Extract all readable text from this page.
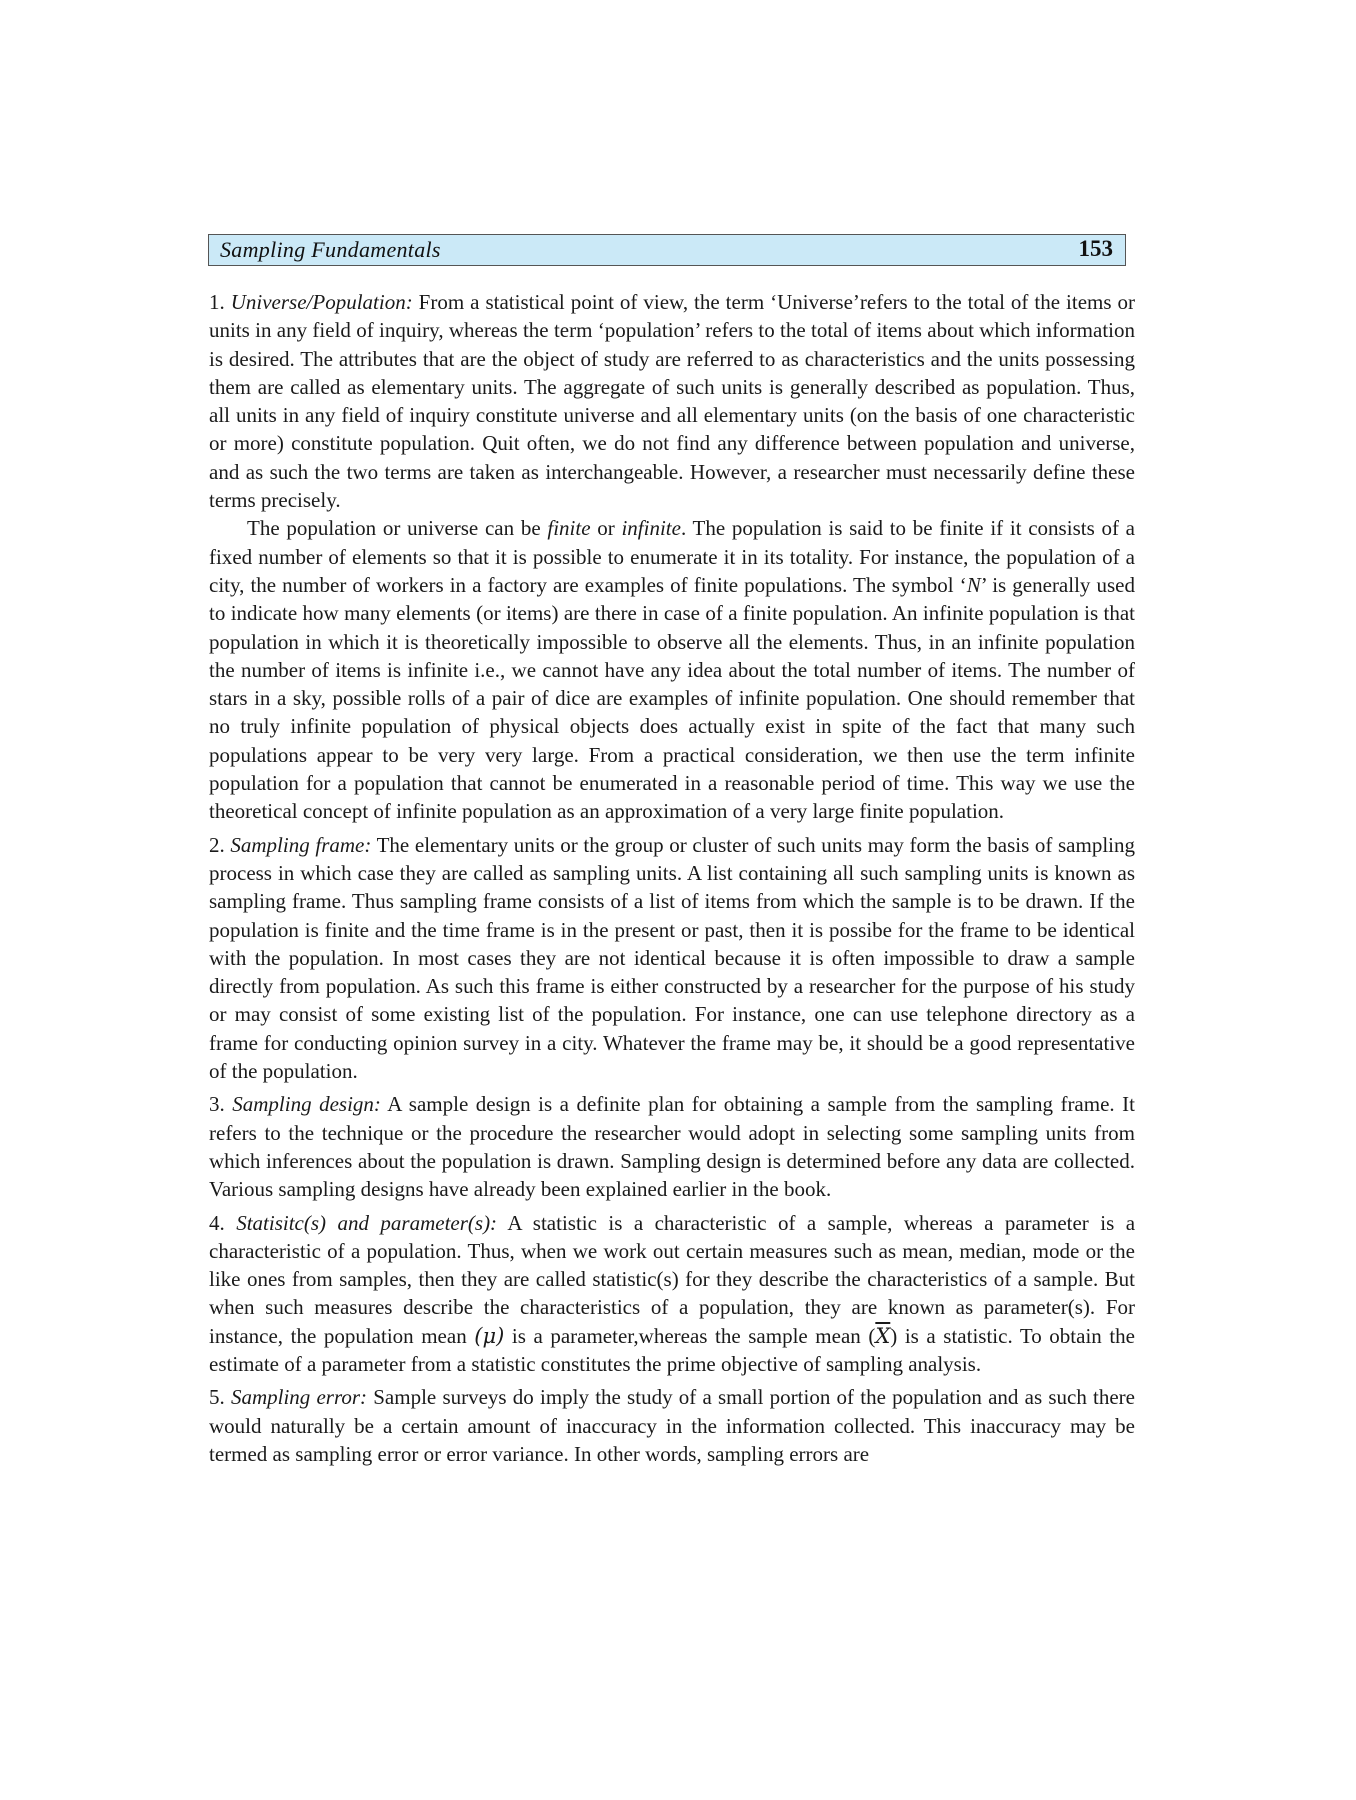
Sampling Fundamentals	153

1. Universe/Population: From a statistical point of view, the term ‘Universe’refers to the total of the items or units in any field of inquiry, whereas the term ‘population’ refers to the total of items about which information is desired. The attributes that are the object of study are referred to as characteristics and the units possessing them are called as elementary units. The aggregate of such units is generally described as population. Thus, all units in any field of inquiry constitute universe and all elementary units (on the basis of one characteristic or more) constitute population. Quit often, we do not find any difference between population and universe, and as such the two terms are taken as interchangeable. However, a researcher must necessarily define these terms precisely.

The population or universe can be finite or infinite. The population is said to be finite if it consists of a fixed number of elements so that it is possible to enumerate it in its totality. For instance, the population of a city, the number of workers in a factory are examples of finite populations. The symbol ‘N’ is generally used to indicate how many elements (or items) are there in case of a finite population. An infinite population is that population in which it is theoretically impossible to observe all the elements. Thus, in an infinite population the number of items is infinite i.e., we cannot have any idea about the total number of items. The number of stars in a sky, possible rolls of a pair of dice are examples of infinite population. One should remember that no truly infinite population of physical objects does actually exist in spite of the fact that many such populations appear to be very very large. From a practical consideration, we then use the term infinite population for a population that cannot be enumerated in a reasonable period of time. This way we use the theoretical concept of infinite population as an approximation of a very large finite population.

2. Sampling frame: The elementary units or the group or cluster of such units may form the basis of sampling process in which case they are called as sampling units. A list containing all such sampling units is known as sampling frame. Thus sampling frame consists of a list of items from which the sample is to be drawn. If the population is finite and the time frame is in the present or past, then it is possibe for the frame to be identical with the population. In most cases they are not identical because it is often impossible to draw a sample directly from population. As such this frame is either constructed by a researcher for the purpose of his study or may consist of some existing list of the population. For instance, one can use telephone directory as a frame for conducting opinion survey in a city. Whatever the frame may be, it should be a good representative of the population.

3. Sampling design: A sample design is a definite plan for obtaining a sample from the sampling frame. It refers to the technique or the procedure the researcher would adopt in selecting some sampling units from which inferences about the population is drawn. Sampling design is determined before any data are collected. Various sampling designs have already been explained earlier in the book.

4. Statisitc(s) and parameter(s): A statistic is a characteristic of a sample, whereas a parameter is a characteristic of a population. Thus, when we work out certain measures such as mean, median, mode or the like ones from samples, then they are called statistic(s) for they describe the characteristics of a sample. But when such measures describe the characteristics of a population, they are known as parameter(s). For instance, the population mean (μ) is a parameter,whereas the sample mean $(\overline{X})$ is a statistic. To obtain the estimate of a parameter from a statistic constitutes the prime objective of sampling analysis.

5. Sampling error: Sample surveys do imply the study of a small portion of the population and as such there would naturally be a certain amount of inaccuracy in the information collected. This inaccuracy may be termed as sampling error or error variance. In other words, sampling errors are
